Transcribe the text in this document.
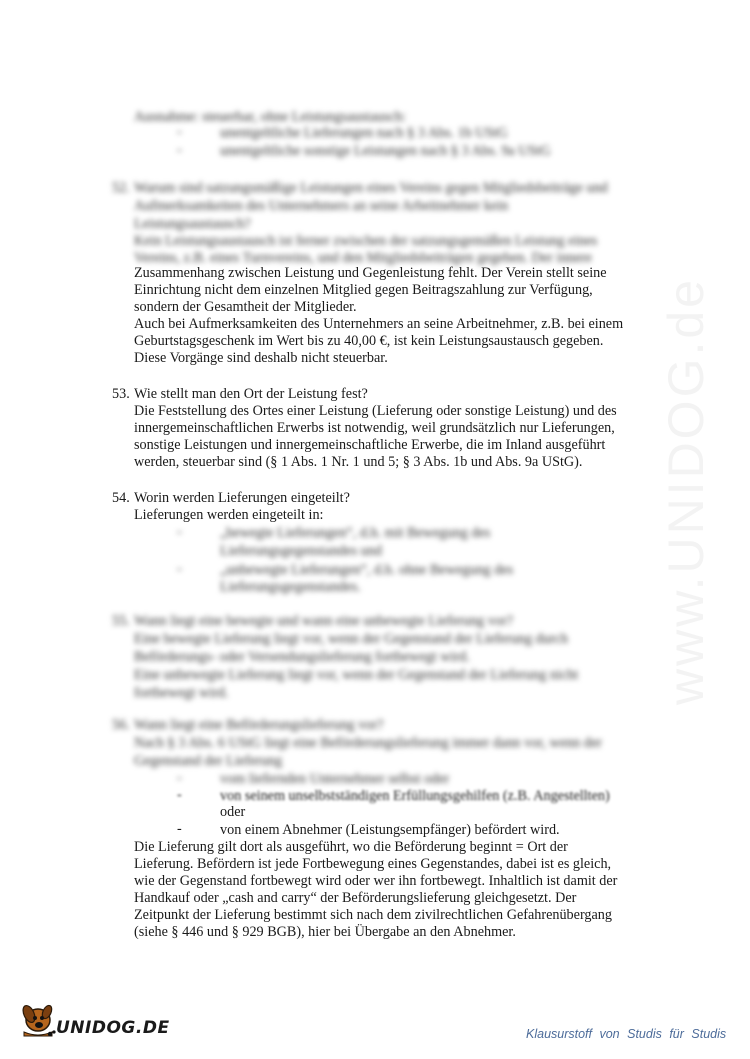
www.UNIDOG.de
Ausnahme: steuerbar, ohne Leistungsaustausch:
-	unentgeltliche Lieferungen nach § 3 Abs. 1b UStG
-	unentgeltliche sonstige Leistungen nach § 3 Abs. 9a UStG
52. Warum sind satzungsmäßige Leistungen eines Vereins gegen Mitgliedsbeiträge und
Aufmerksamkeiten des Unternehmers an seine Arbeitnehmer kein
Leistungsaustausch?
Kein Leistungsaustausch ist ferner zwischen der satzungsgemäßen Leistung eines
Vereins, z.B. eines Turnvereins, und den Mitgliedsbeiträgen gegeben. Der innere
Zusammenhang zwischen Leistung und Gegenleistung fehlt. Der Verein stellt seine
Einrichtung nicht dem einzelnen Mitglied gegen Beitragszahlung zur Verfügung,
sondern der Gesamtheit der Mitglieder.
Auch bei Aufmerksamkeiten des Unternehmers an seine Arbeitnehmer, z.B. bei einem
Geburtstagsgeschenk im Wert bis zu 40,00 €, ist kein Leistungsaustausch gegeben.
Diese Vorgänge sind deshalb nicht steuerbar.
53. Wie stellt man den Ort der Leistung fest?
Die Feststellung des Ortes einer Leistung (Lieferung oder sonstige Leistung) und des
innergemeinschaftlichen Erwerbs ist notwendig, weil grundsätzlich nur Lieferungen,
sonstige Leistungen und innergemeinschaftliche Erwerbe, die im Inland ausgeführt
werden, steuerbar sind (§ 1 Abs. 1 Nr. 1 und 5; § 3 Abs. 1b und Abs. 9a UStG).
54. Worin werden Lieferungen eingeteilt?
Lieferungen werden eingeteilt in:
-	„bewegte Lieferungen“, d.h. mit Bewegung des
Lieferungsgegenstandes und
-	„unbewegte Lieferungen“, d.h. ohne Bewegung des
Lieferungsgegenstandes.
55. Wann liegt eine bewegte und wann eine unbewegte Lieferung vor?
Eine bewegte Lieferung liegt vor, wenn der Gegenstand der Lieferung durch
Beförderungs- oder Versendungslieferung fortbewegt wird.
Eine unbewegte Lieferung liegt vor, wenn der Gegenstand der Lieferung nicht
fortbewegt wird.
56. Wann liegt eine Beförderungslieferung vor?
Nach § 3 Abs. 6 UStG liegt eine Beförderungslieferung immer dann vor, wenn der
Gegenstand der Lieferung
-	vom liefernden Unternehmer selbst oder
-	von seinem unselbstständigen Erfüllungsgehilfen (z.B. Angestellten)
oder
-	von einem Abnehmer (Leistungsempfänger) befördert wird.
Die Lieferung gilt dort als ausgeführt, wo die Beförderung beginnt = Ort der
Lieferung. Befördern ist jede Fortbewegung eines Gegenstandes, dabei ist es gleich,
wie der Gegenstand fortbewegt wird oder wer ihn fortbewegt. Inhaltlich ist damit der
Handkauf oder „cash and carry“ der Beförderungslieferung gleichgesetzt. Der
Zeitpunkt der Lieferung bestimmt sich nach dem zivilrechtlichen Gefahrenübergang
(siehe § 446 und § 929 BGB), hier bei Übergabe an den Abnehmer.
UNIDOG.DE	Klausurstoff von Studis für Studis
